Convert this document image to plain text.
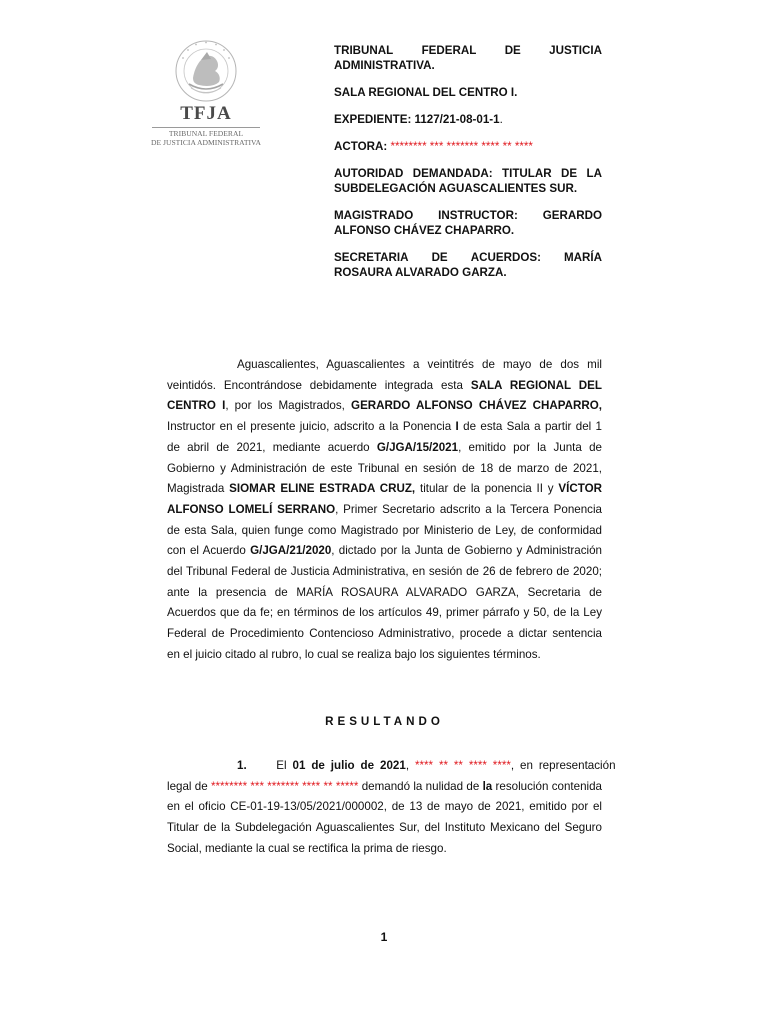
TFJA
TRIBUNAL FEDERAL
DE JUSTICIA ADMINISTRATIVA
TRIBUNAL FEDERAL DE JUSTICIA
ADMINISTRATIVA.
SALA REGIONAL DEL CENTRO I.
EXPEDIENTE: 1127/21-08-01-1.
ACTORA: ******** *** ******* **** ** ****
AUTORIDAD DEMANDADA: TITULAR DE LA
SUBDELEGACIÓN AGUASCALIENTES SUR.
MAGISTRADO INSTRUCTOR: GERARDO
ALFONSO CHÁVEZ CHAPARRO.
SECRETARIA DE ACUERDOS: MARÍA
ROSAURA ALVARADO GARZA.
Aguascalientes, Aguascalientes a veintitrés de mayo de dos mil
veintidós. Encontrándose debidamente integrada esta SALA REGIONAL DEL
CENTRO I, por los Magistrados, GERARDO ALFONSO CHÁVEZ CHAPARRO,
Instructor en el presente juicio, adscrito a la Ponencia I de esta Sala a partir del 1
de abril de 2021, mediante acuerdo G/JGA/15/2021, emitido por la Junta de
Gobierno y Administración de este Tribunal en sesión de 18 de marzo de 2021,
Magistrada SIOMAR ELINE ESTRADA CRUZ, titular de la ponencia II y VÍCTOR
ALFONSO LOMELÍ SERRANO, Primer Secretario adscrito a la Tercera Ponencia
de esta Sala, quien funge como Magistrado por Ministerio de Ley, de conformidad
con el Acuerdo G/JGA/21/2020, dictado por la Junta de Gobierno y Administración
del Tribunal Federal de Justicia Administrativa, en sesión de 26 de febrero de 2020;
ante la presencia de MARÍA ROSAURA ALVARADO GARZA, Secretaria de
Acuerdos que da fe; en términos de los artículos 49, primer párrafo y 50, de la Ley
Federal de Procedimiento Contencioso Administrativo, procede a dictar sentencia
en el juicio citado al rubro, lo cual se realiza bajo los siguientes términos.
RESULTANDO
1.	El 01 de julio de 2021, **** ** ** **** ****, en representación
legal de ******** *** ******* **** ** ***** demandó la nulidad de la resolución contenida
en el oficio CE-01-19-13/05/2021/000002, de 13 de mayo de 2021, emitido por el
Titular de la Subdelegación Aguascalientes Sur, del Instituto Mexicano del Seguro
Social, mediante la cual se rectifica la prima de riesgo.
1
